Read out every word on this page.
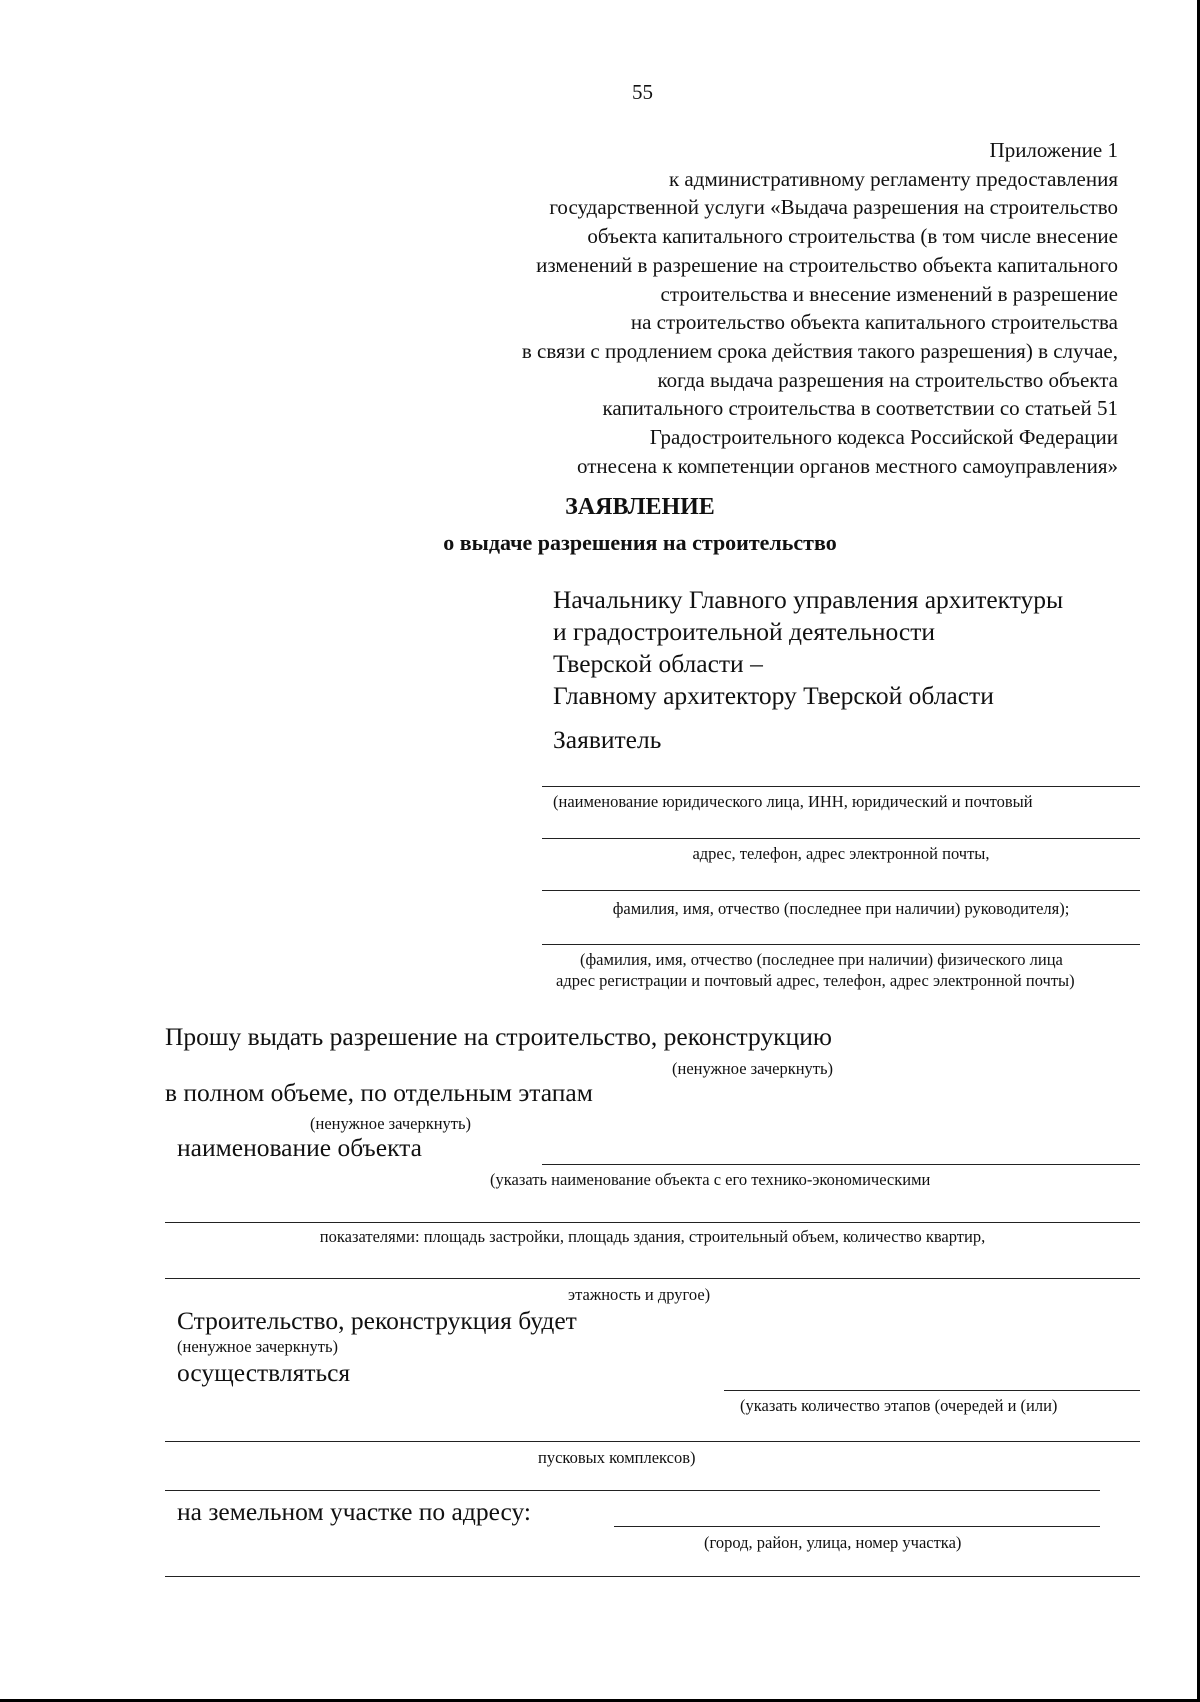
55
Приложение 1
к административному регламенту предоставления
государственной услуги «Выдача разрешения на строительство
объекта капитального строительства (в том числе внесение
изменений в разрешение на строительство объекта капитального
строительства и внесение изменений в разрешение
на строительство объекта капитального строительства
в связи с продлением срока действия такого разрешения) в случае,
когда выдача разрешения на строительство объекта
капитального строительства в соответствии со статьей 51
Градостроительного кодекса Российской Федерации
отнесена к компетенции органов местного самоуправления»
ЗАЯВЛЕНИЕ
о выдаче разрешения на строительство
Начальнику Главного управления архитектуры
и градостроительной деятельности
Тверской области –
Главному архитектору Тверской области
Заявитель
(наименование юридического лица, ИНН, юридический и почтовый
адрес, телефон, адрес электронной почты,
фамилия, имя, отчество (последнее при наличии) руководителя);
(фамилия, имя, отчество (последнее при наличии) физического лица
адрес регистрации и почтовый адрес, телефон, адрес электронной почты)
Прошу выдать разрешение на строительство, реконструкцию
(ненужное зачеркнуть)
в полном объеме, по отдельным этапам
(ненужное зачеркнуть)
наименование объекта
(указать наименование объекта с его технико-экономическими
показателями: площадь застройки, площадь здания, строительный объем, количество квартир,
этажность и другое)
Строительство, реконструкция будет
(ненужное зачеркнуть)
осуществляться
(указать количество этапов (очередей и (или)
пусковых комплексов)
на земельном участке по адресу:
(город, район, улица, номер участка)
